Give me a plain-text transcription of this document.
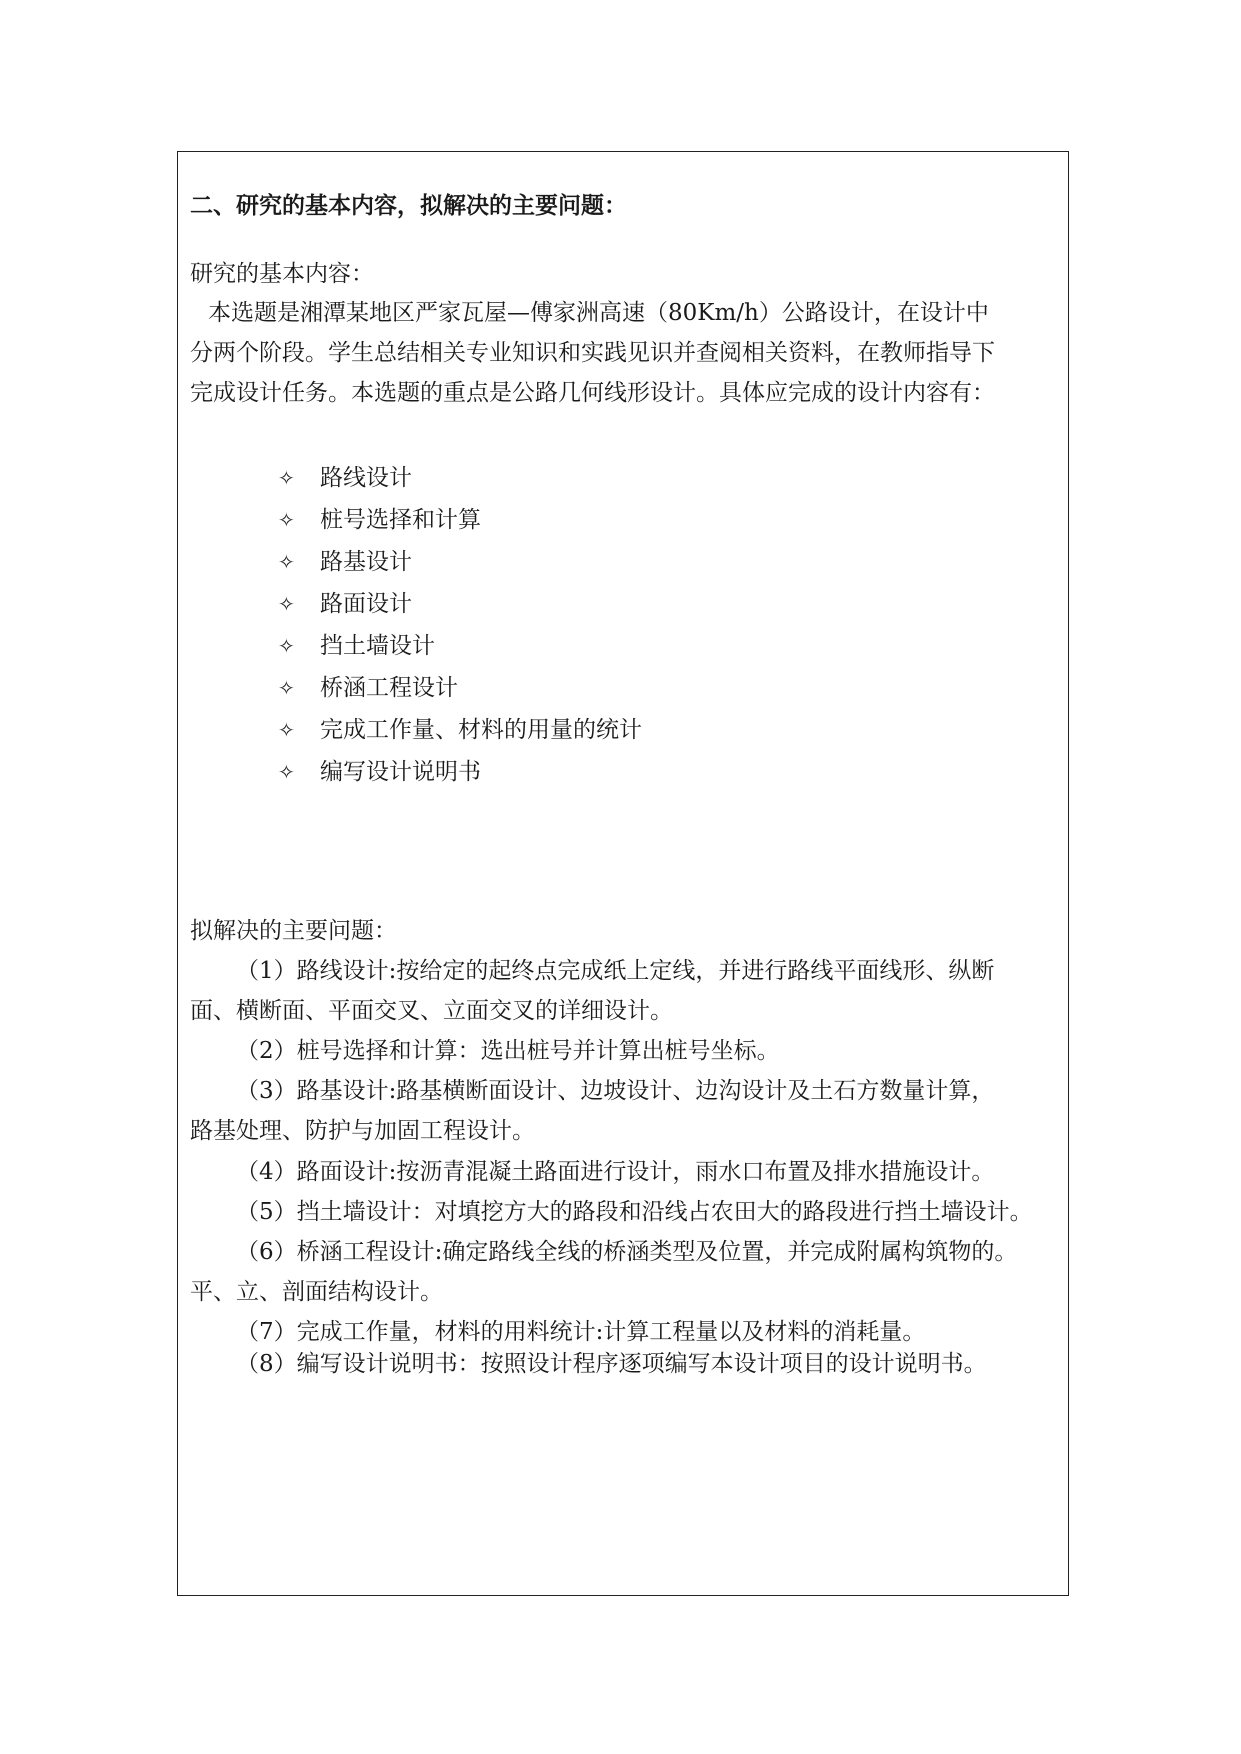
二、研究的基本内容，拟解决的主要问题：
研究的基本内容：
本选题是湘潭某地区严家瓦屋—傅家洲高速（80Km/h）公路设计，在设计中
分两个阶段。学生总结相关专业知识和实践见识并查阅相关资料，在教师指导下
完成设计任务。本选题的重点是公路几何线形设计。具体应完成的设计内容有：
✧ 路线设计
✧ 桩号选择和计算
✧ 路基设计
✧ 路面设计
✧ 挡土墙设计
✧ 桥涵工程设计
✧ 完成工作量、材料的用量的统计
✧ 编写设计说明书
拟解决的主要问题：
（1）路线设计:按给定的起终点完成纸上定线，并进行路线平面线形、纵断
面、横断面、平面交叉、立面交叉的详细设计。
（2）桩号选择和计算：选出桩号并计算出桩号坐标。
（3）路基设计:路基横断面设计、边坡设计、边沟设计及土石方数量计算，
路基处理、防护与加固工程设计。
（4）路面设计:按沥青混凝土路面进行设计，雨水口布置及排水措施设计。
（5）挡土墙设计：对填挖方大的路段和沿线占农田大的路段进行挡土墙设计。
（6）桥涵工程设计:确定路线全线的桥涵类型及位置，并完成附属构筑物的。
平、立、剖面结构设计。
（7）完成工作量，材料的用料统计:计算工程量以及材料的消耗量。
（8）编写设计说明书：按照设计程序逐项编写本设计项目的设计说明书。
